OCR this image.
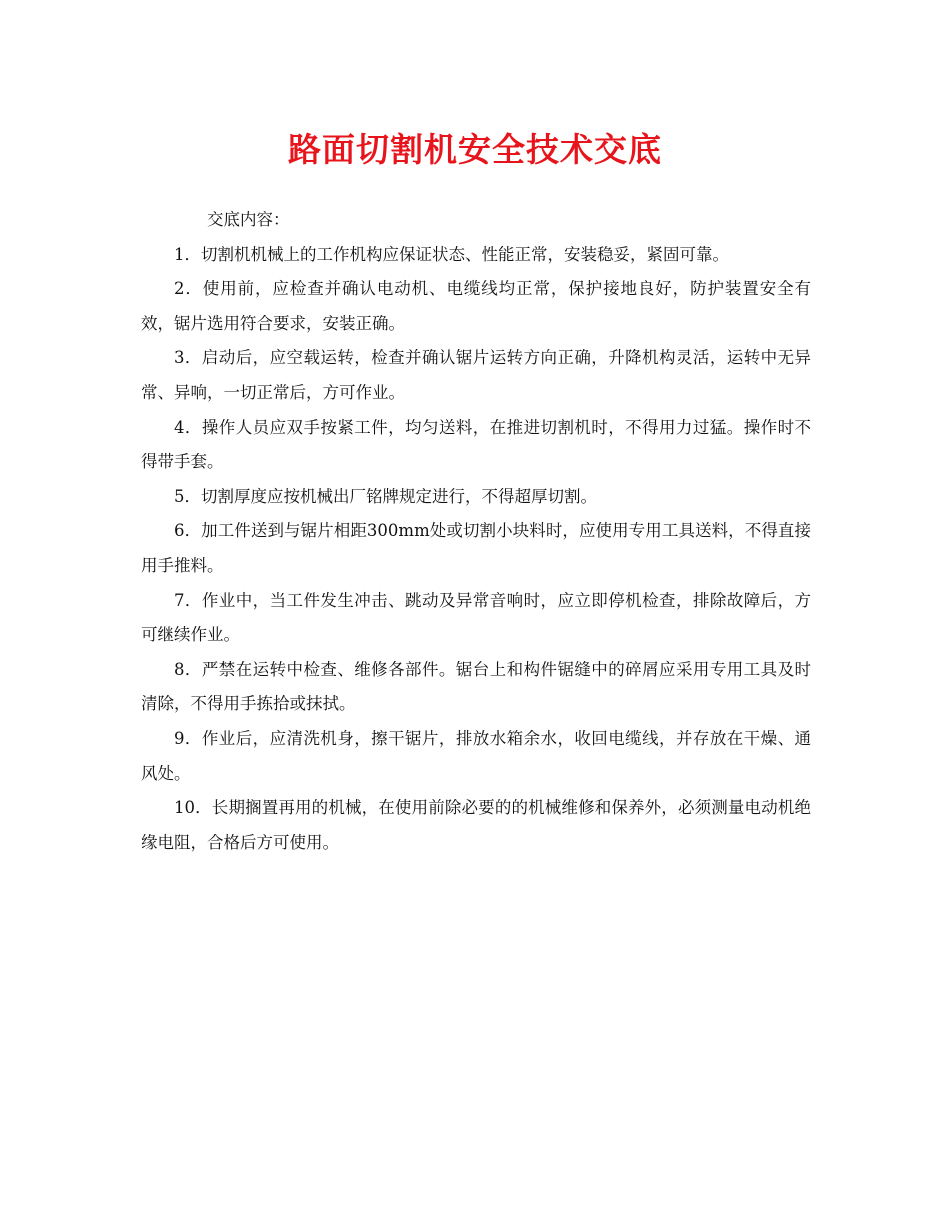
路面切割机安全技术交底

交底内容：

1．切割机机械上的工作机构应保证状态、性能正常，安装稳妥，紧固可靠。

2．使用前，应检查并确认电动机、电缆线均正常，保护接地良好，防护装置安全有效，锯片选用符合要求，安装正确。

3．启动后，应空载运转，检查并确认锯片运转方向正确，升降机构灵活，运转中无异常、异响，一切正常后，方可作业。

4．操作人员应双手按紧工件，均匀送料，在推进切割机时，不得用力过猛。操作时不得带手套。

5．切割厚度应按机械出厂铭牌规定进行，不得超厚切割。

6．加工件送到与锯片相距300mm处或切割小块料时，应使用专用工具送料，不得直接用手推料。

7．作业中，当工件发生冲击、跳动及异常音响时，应立即停机检查，排除故障后，方可继续作业。

8．严禁在运转中检查、维修各部件。锯台上和构件锯缝中的碎屑应采用专用工具及时清除，不得用手拣拾或抹拭。

9．作业后，应清洗机身，擦干锯片，排放水箱余水，收回电缆线，并存放在干燥、通风处。

10．长期搁置再用的机械，在使用前除必要的的机械维修和保养外，必须测量电动机绝缘电阻，合格后方可使用。
